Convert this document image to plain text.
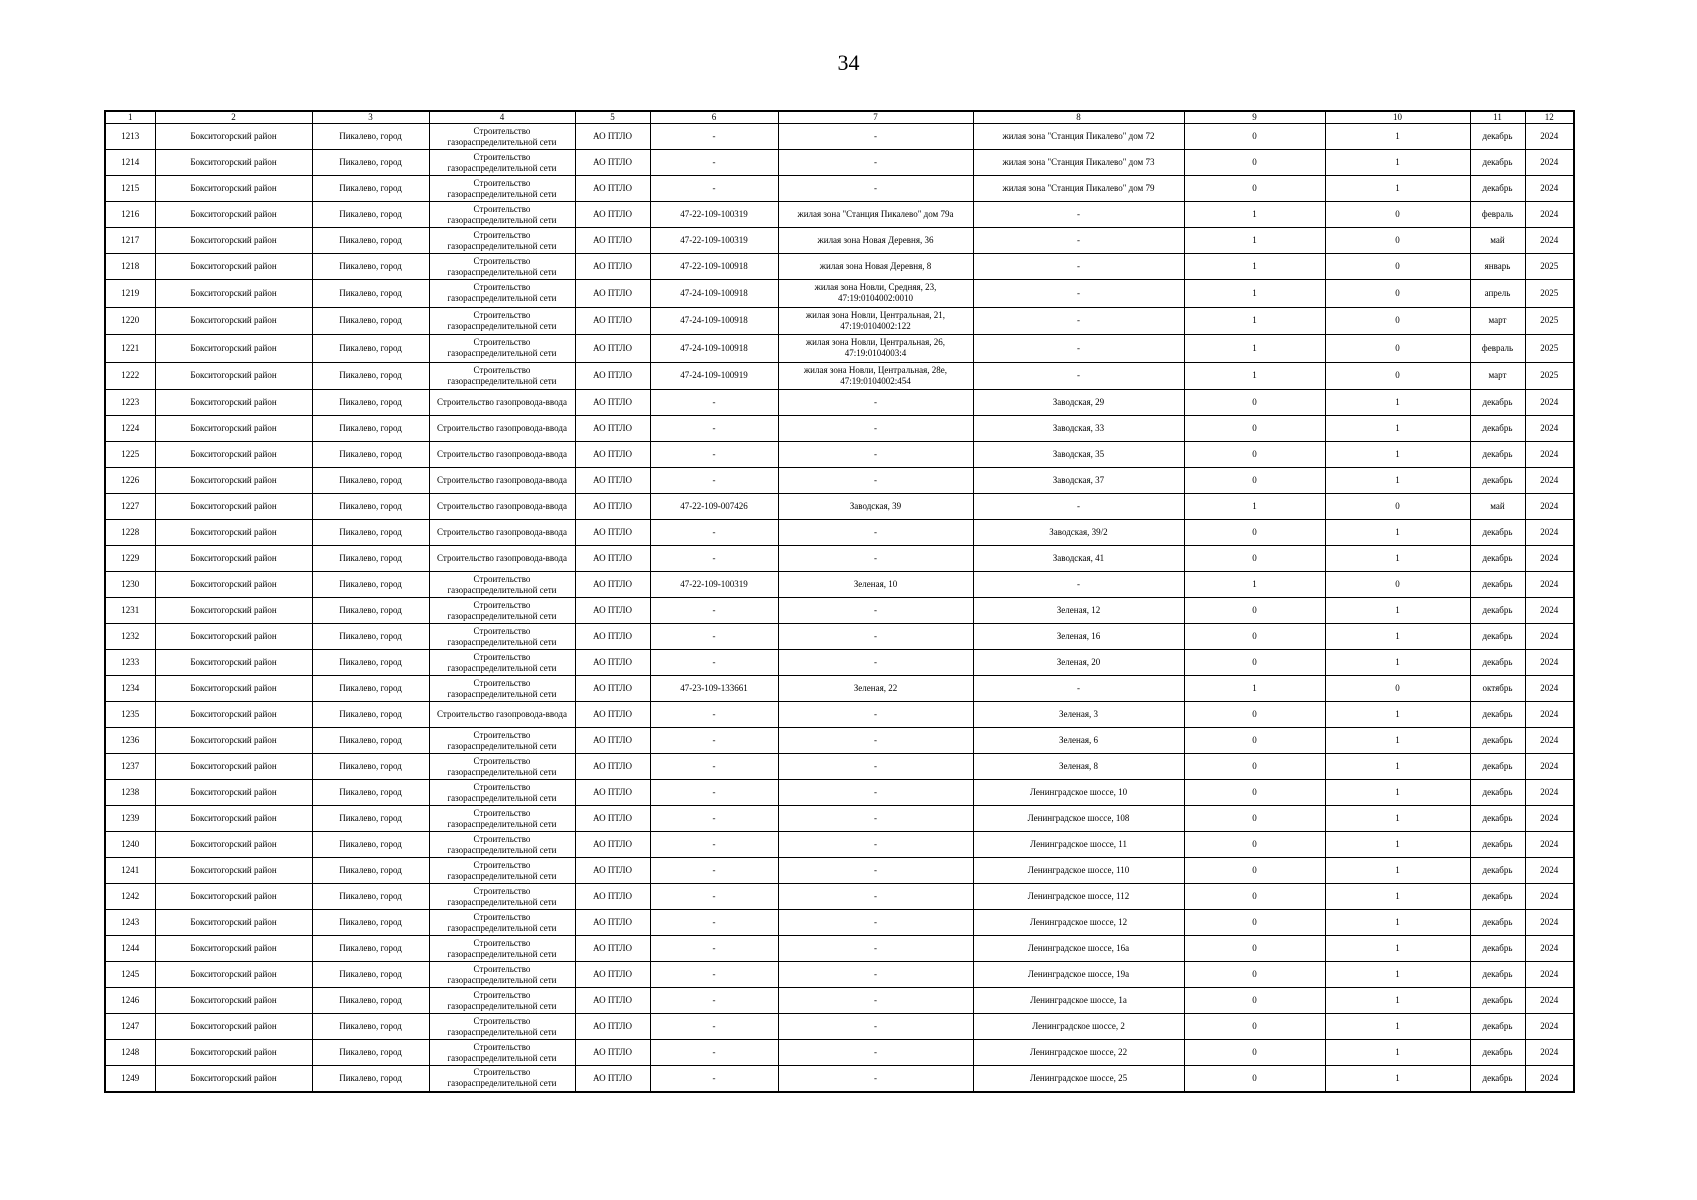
34
1	2	3	4	5	6	7	8	9	10	11	12
1213	Бокситогорский район	Пикалево, город	Строительство газораспределительной сети	АО ПТЛО	-	-	жилая зона "Станция Пикалево" дом 72	0	1	декабрь	2024
1214	Бокситогорский район	Пикалево, город	Строительство газораспределительной сети	АО ПТЛО	-	-	жилая зона "Станция Пикалево" дом 73	0	1	декабрь	2024
1215	Бокситогорский район	Пикалево, город	Строительство газораспределительной сети	АО ПТЛО	-	-	жилая зона "Станция Пикалево" дом 79	0	1	декабрь	2024
1216	Бокситогорский район	Пикалево, город	Строительство газораспределительной сети	АО ПТЛО	47-22-109-100319	жилая зона "Станция Пикалево" дом 79а	-	1	0	февраль	2024
1217	Бокситогорский район	Пикалево, город	Строительство газораспределительной сети	АО ПТЛО	47-22-109-100319	жилая зона Новая Деревня, 36	-	1	0	май	2024
1218	Бокситогорский район	Пикалево, город	Строительство газораспределительной сети	АО ПТЛО	47-22-109-100918	жилая зона Новая Деревня, 8	-	1	0	январь	2025
1219	Бокситогорский район	Пикалево, город	Строительство газораспределительной сети	АО ПТЛО	47-24-109-100918	жилая зона Новли, Средняя, 23, 47:19:0104002:0010	-	1	0	апрель	2025
1220	Бокситогорский район	Пикалево, город	Строительство газораспределительной сети	АО ПТЛО	47-24-109-100918	жилая зона Новли, Центральная, 21, 47:19:0104002:122	-	1	0	март	2025
1221	Бокситогорский район	Пикалево, город	Строительство газораспределительной сети	АО ПТЛО	47-24-109-100918	жилая зона Новли, Центральная, 26, 47:19:0104003:4	-	1	0	февраль	2025
1222	Бокситогорский район	Пикалево, город	Строительство газораспределительной сети	АО ПТЛО	47-24-109-100919	жилая зона Новли, Центральная, 28е, 47:19:0104002:454	-	1	0	март	2025
1223	Бокситогорский район	Пикалево, город	Строительство газопровода-ввода	АО ПТЛО	-	-	Заводская, 29	0	1	декабрь	2024
1224	Бокситогорский район	Пикалево, город	Строительство газопровода-ввода	АО ПТЛО	-	-	Заводская, 33	0	1	декабрь	2024
1225	Бокситогорский район	Пикалево, город	Строительство газопровода-ввода	АО ПТЛО	-	-	Заводская, 35	0	1	декабрь	2024
1226	Бокситогорский район	Пикалево, город	Строительство газопровода-ввода	АО ПТЛО	-	-	Заводская, 37	0	1	декабрь	2024
1227	Бокситогорский район	Пикалево, город	Строительство газопровода-ввода	АО ПТЛО	47-22-109-007426	Заводская, 39	-	1	0	май	2024
1228	Бокситогорский район	Пикалево, город	Строительство газопровода-ввода	АО ПТЛО	-	-	Заводская, 39/2	0	1	декабрь	2024
1229	Бокситогорский район	Пикалево, город	Строительство газопровода-ввода	АО ПТЛО	-	-	Заводская, 41	0	1	декабрь	2024
1230	Бокситогорский район	Пикалево, город	Строительство газораспределительной сети	АО ПТЛО	47-22-109-100319	Зеленая, 10	-	1	0	декабрь	2024
1231	Бокситогорский район	Пикалево, город	Строительство газораспределительной сети	АО ПТЛО	-	-	Зеленая, 12	0	1	декабрь	2024
1232	Бокситогорский район	Пикалево, город	Строительство газораспределительной сети	АО ПТЛО	-	-	Зеленая, 16	0	1	декабрь	2024
1233	Бокситогорский район	Пикалево, город	Строительство газораспределительной сети	АО ПТЛО	-	-	Зеленая, 20	0	1	декабрь	2024
1234	Бокситогорский район	Пикалево, город	Строительство газораспределительной сети	АО ПТЛО	47-23-109-133661	Зеленая, 22	-	1	0	октябрь	2024
1235	Бокситогорский район	Пикалево, город	Строительство газопровода-ввода	АО ПТЛО	-	-	Зеленая, 3	0	1	декабрь	2024
1236	Бокситогорский район	Пикалево, город	Строительство газораспределительной сети	АО ПТЛО	-	-	Зеленая, 6	0	1	декабрь	2024
1237	Бокситогорский район	Пикалево, город	Строительство газораспределительной сети	АО ПТЛО	-	-	Зеленая, 8	0	1	декабрь	2024
1238	Бокситогорский район	Пикалево, город	Строительство газораспределительной сети	АО ПТЛО	-	-	Ленинградское шоссе, 10	0	1	декабрь	2024
1239	Бокситогорский район	Пикалево, город	Строительство газораспределительной сети	АО ПТЛО	-	-	Ленинградское шоссе, 108	0	1	декабрь	2024
1240	Бокситогорский район	Пикалево, город	Строительство газораспределительной сети	АО ПТЛО	-	-	Ленинградское шоссе, 11	0	1	декабрь	2024
1241	Бокситогорский район	Пикалево, город	Строительство газораспределительной сети	АО ПТЛО	-	-	Ленинградское шоссе, 110	0	1	декабрь	2024
1242	Бокситогорский район	Пикалево, город	Строительство газораспределительной сети	АО ПТЛО	-	-	Ленинградское шоссе, 112	0	1	декабрь	2024
1243	Бокситогорский район	Пикалево, город	Строительство газораспределительной сети	АО ПТЛО	-	-	Ленинградское шоссе, 12	0	1	декабрь	2024
1244	Бокситогорский район	Пикалево, город	Строительство газораспределительной сети	АО ПТЛО	-	-	Ленинградское шоссе, 16а	0	1	декабрь	2024
1245	Бокситогорский район	Пикалево, город	Строительство газораспределительной сети	АО ПТЛО	-	-	Ленинградское шоссе, 19а	0	1	декабрь	2024
1246	Бокситогорский район	Пикалево, город	Строительство газораспределительной сети	АО ПТЛО	-	-	Ленинградское шоссе, 1а	0	1	декабрь	2024
1247	Бокситогорский район	Пикалево, город	Строительство газораспределительной сети	АО ПТЛО	-	-	Ленинградское шоссе, 2	0	1	декабрь	2024
1248	Бокситогорский район	Пикалево, город	Строительство газораспределительной сети	АО ПТЛО	-	-	Ленинградское шоссе, 22	0	1	декабрь	2024
1249	Бокситогорский район	Пикалево, город	Строительство газораспределительной сети	АО ПТЛО	-	-	Ленинградское шоссе, 25	0	1	декабрь	2024
